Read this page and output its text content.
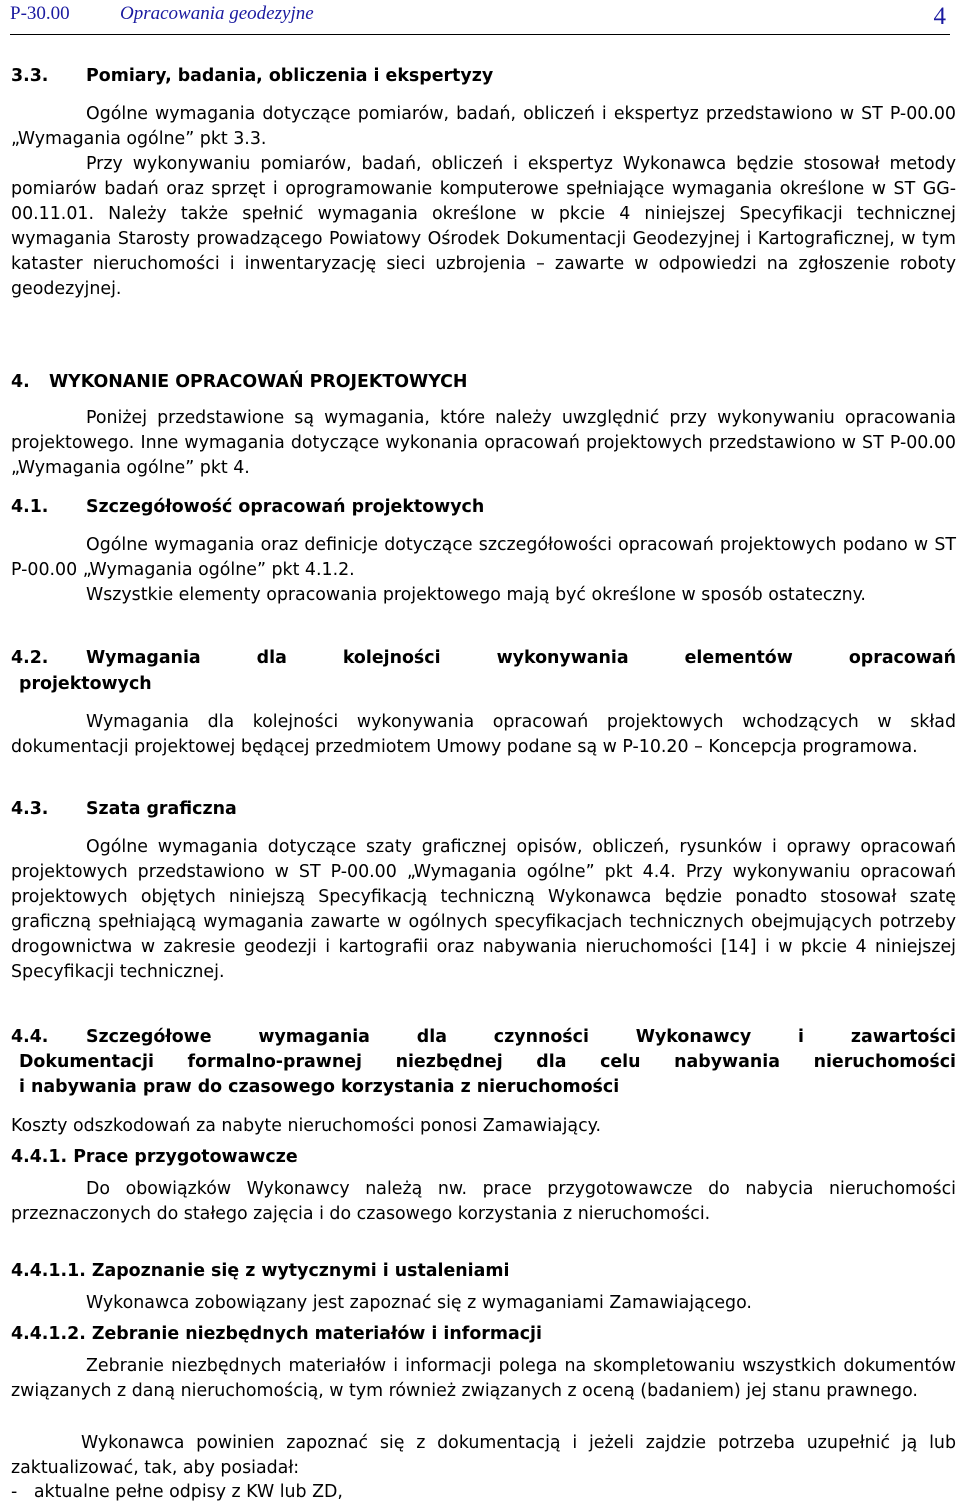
P-30.00	Opracowania geodezyjne	4
3.3. Pomiary, badania, obliczenia i ekspertyzy
Ogólne wymagania dotyczące pomiarów, badań, obliczeń i ekspertyz przedstawiono w ST P-00.00 „Wymagania ogólne” pkt 3.3.
Przy wykonywaniu pomiarów, badań, obliczeń i ekspertyz Wykonawca będzie stosował metody pomiarów badań oraz sprzęt i oprogramowanie komputerowe spełniające wymagania określone w ST GG-00.11.01. Należy także spełnić wymagania określone w pkcie 4 niniejszej Specyfikacji technicznej wymagania Starosty prowadzącego Powiatowy Ośrodek Dokumentacji Geodezyjnej i Kartograficznej, w tym kataster nieruchomości i inwentaryzację sieci uzbrojenia – zawarte w odpowiedzi na zgłoszenie roboty geodezyjnej.
4. WYKONANIE OPRACOWAŃ PROJEKTOWYCH
Poniżej przedstawione są wymagania, które należy uwzględnić przy wykonywaniu opracowania projektowego. Inne wymagania dotyczące wykonania opracowań projektowych przedstawiono w ST P-00.00 „Wymagania ogólne” pkt 4.
4.1. Szczegółowość opracowań projektowych
Ogólne wymagania oraz definicje dotyczące szczegółowości opracowań projektowych podano w ST P-00.00 „Wymagania ogólne” pkt 4.1.2.
Wszystkie elementy opracowania projektowego mają być określone w sposób ostateczny.
4.2. Wymagania dla kolejności wykonywania elementów opracowań
projektowych
Wymagania dla kolejności wykonywania opracowań projektowych wchodzących w skład dokumentacji projektowej będącej przedmiotem Umowy podane są w P-10.20 – Koncepcja programowa.
4.3. Szata graficzna
Ogólne wymagania dotyczące szaty graficznej opisów, obliczeń, rysunków i oprawy opracowań projektowych przedstawiono w ST P-00.00 „Wymagania ogólne” pkt 4.4. Przy wykonywaniu opracowań projektowych objętych niniejszą Specyfikacją techniczną Wykonawca będzie ponadto stosował szatę graficzną spełniającą wymagania zawarte w ogólnych specyfikacjach technicznych obejmujących potrzeby drogownictwa w zakresie geodezji i kartografii oraz nabywania nieruchomości [14] i w pkcie 4 niniejszej Specyfikacji technicznej.
4.4. Szczegółowe wymagania dla czynności Wykonawcy i zawartości
Dokumentacji formalno-prawnej niezbędnej dla celu nabywania nieruchomości
i nabywania praw do czasowego korzystania z nieruchomości
Koszty odszkodowań za nabyte nieruchomości ponosi Zamawiający.
4.4.1. Prace przygotowawcze
Do obowiązków Wykonawcy należą nw. prace przygotowawcze do nabycia nieruchomości przeznaczonych do stałego zajęcia i do czasowego korzystania z nieruchomości.
4.4.1.1. Zapoznanie się z wytycznymi i ustaleniami
Wykonawca zobowiązany jest zapoznać się z wymaganiami Zamawiającego.
4.4.1.2. Zebranie niezbędnych materiałów i informacji
Zebranie niezbędnych materiałów i informacji polega na skompletowaniu wszystkich dokumentów związanych z daną nieruchomością, w tym również związanych z oceną (badaniem) jej stanu prawnego.
Wykonawca powinien zapoznać się z dokumentacją i jeżeli zajdzie potrzeba uzupełnić ją lub zaktualizować, tak, aby posiadał:
-   aktualne pełne odpisy z KW lub ZD,
